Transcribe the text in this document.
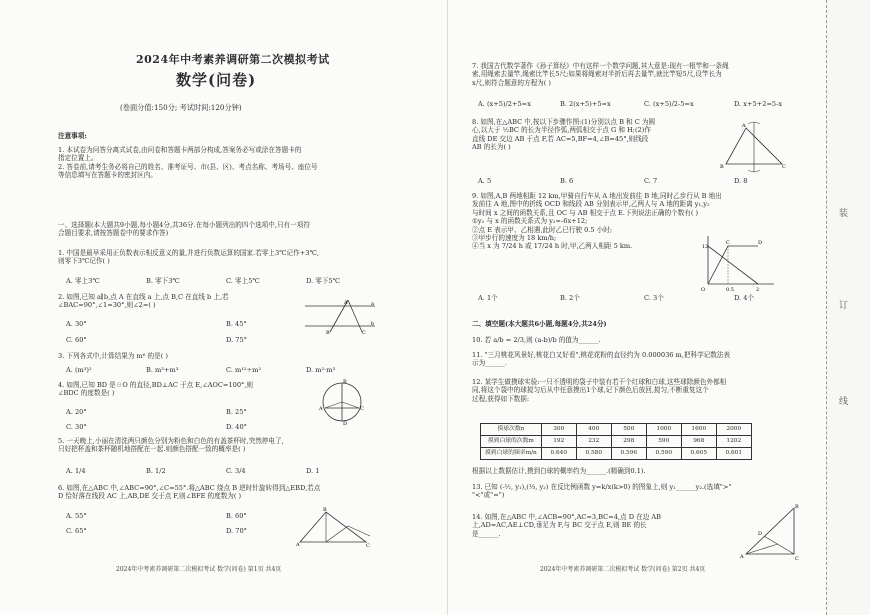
2024年中考素养调研第二次模拟考试
数学(问卷)
(卷面分值:150分; 考试时间:120分钟)
注意事项:
1. 本试卷为问答分离式试卷,由问卷和答题卡两部分构成,答案务必写或涂在答题卡的
指定位置上。
2. 答卷前,请考生务必将自己的姓名、准考证号、市(县、区)、考点名称、考场号、座位号
等信息填写在答题卡的密封区内。
一、选择题(本大题共9小题,每小题4分,共36分.在每小题列出的四个选项中,只有一项符
合题目要求,请按答题卷中的要求作答)
1. 中国是最早采用正负数表示相反意义的量,并进行负数运算的国家.若零上3℃记作+3℃,
则零下3℃记作( )
A. 零上3℃	B. 零下3℃	C. 零上5℃	D. 零下5℃
2. 如图,已知 a∥b,点 A 在直线 a 上,点 B,C 在直线 b 上,若
∠BAC=90°,∠1=30°,则∠2=( )
A. 30°	B. 45°
C. 60°	D. 75°
A
B	C
a
b
3. 下列各式中,计算结果为 m⁶ 的是( )
A. (m³)²	B. m³+m³	C. m¹²÷m²	D. m²·m³
4. 如图,已知 BD 是☉O 的直径,BD⊥AC 于点 E,∠AOC=100°,则
∠BDC 的度数是( )
A. 20°	B. 25°
C. 30°	D. 40°
B
D
A	C
5. 一天晚上,小丽在清洗两只颜色分别为粉色和白色的有盖茶杯时,突然停电了,
只好把杯盖和茶杯随机地搭配在一起.则颜色搭配一致的概率是( )
A. 1/4	B. 1/2	C. 3/4	D. 1
6. 如图,在△ABC 中,∠ABC=90°,∠C=55°.将△ABC 绕点 B 逆时针旋转得到△EBD,若点
D 恰好落在线段 AC 上,AB,DE 交于点 F,则∠BFE 的度数为( )
A. 55°	B. 60°
C. 65°	D. 70°
A	C
B
2024年中考素养调研第二次模拟考试 数学(问卷) 第1页 共4页
7. 我国古代数学著作《孙子算经》中有这样一个数学问题,其大意是:现有一根竿和一条绳
索,用绳索去量竿,绳索比竿长5尺;如果将绳索对半折后再去量竿,就比竿短5尺,设竿长为
x尺,则符合题意的方程为( )
A. (x+5)/2+5=x	B. 2(x+5)+5=x	C. (x+5)/2-5=x	D. x+5+2=5-x
8. 如图,在△ABC 中,按以下步骤作图:(1)分别以点 B 和 C 为圆
心,以大于 ½BC 的长为半径作弧,两弧相交于点 G 和 H;(2)作
直线 DE 交边 AB 于点 F,若 AC=5,BF=4,∠B=45°,则线段
AB 的长为( )
A. 5	B. 6	C. 7	D. 8
B	C
A
9. 如图,A,B 两地相距 12 km,甲骑自行车从 A 地出发前往 B 地,同时乙步行从 B 地出
发前往 A 地,图中的折线 OCD 和线段 AB 分别表示甲,乙两人与 A 地的距离 y₁,y₂
与时间 x 之间的函数关系,且 OC 与 AB 相交于点 E.下列说法正确的个数有( )
①y₂ 与 x 的函数关系式为 y₂=-6x+12;
②点 E 表示甲、乙相遇,此时乙已行驶 0.5 小时;
③甲步行的速度为 18 km/h;
④当 x 为 7/24 h 或 17/24 h 时,甲,乙两人相距 5 km.
A. 1个	B. 2个	C. 3个	D. 4个
O	0.5	2
12
C	D
二、填空题(本大题共6小题,每题4分,共24分)
10. 若 a/b = 2/3,则 (a-b)/b 的值为______.
11. "三月桃花风景好,桃花白又好看",桃花花粉的直径约为 0.000036 m,把科学记数法表
示为______.
12. 某学生做摸球实验:一只不透明的袋子中装有若干个红球和白球,这些球除颜色外都相
同,将这个袋中的球搅匀后从中任意摸出1个球,记下颜色后放回,搅匀,不断重复这个
过程,获得如下数据:
摸球次数n	300	400	500	1000	1600	2000
摸到白球的次数m	192	232	298	590	968	1202
摸到白球的频率m/n	0.640	0.580	0.596	0.590	0.605	0.601
根据以上数据估计,摸到白球的概率约为______.(精确到0.1).
13. 已知 (-½, y₁),(⅓, y₂) 在反比例函数 y=k/x(k>0) 的图象上,则 y₁______y₂.(选填">"
"<"或"=")
14. 如图,在△ABC 中,∠ACB=90°,AC=3,BC=4,点 D 在边 AB
上,AD=AC,AE⊥CD,垂足为 F,与 BC 交于点 E,则 BE 的长
是______.
A	C
B
D
2024年中考素养调研第二次模拟考试 数学(问卷) 第2页 共4页
装
订
线
